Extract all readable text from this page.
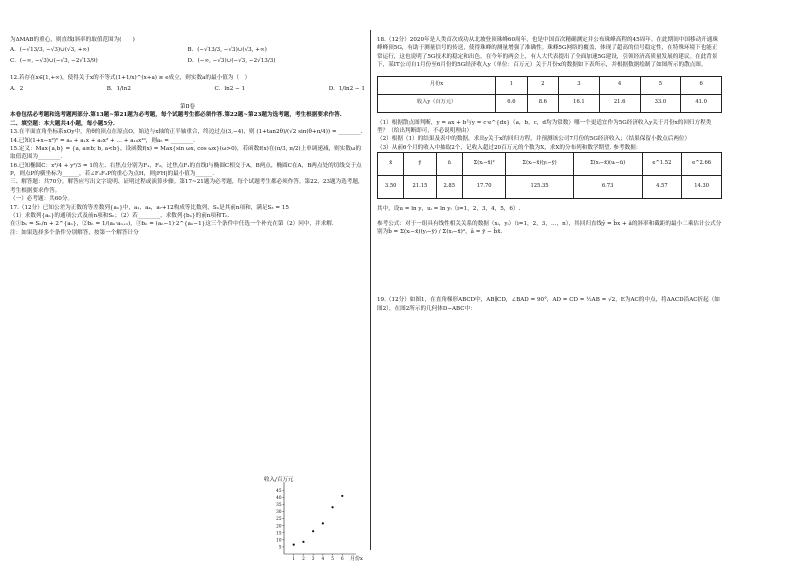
为ΔMAB的重心，则直线l斜率的取值范围为(　　)

A．(−√13/3, −√3)∪(√3, +∞)	B．(−√13/3, −√3)∪(√3, +∞)
C．(−∞, −√3)∪(−√3, −2√13/9)	D．(−∞, −√3)∪(−√3, −2√13/3)

12.若存在x∈[1,+∞)，使得关于x的不等式(1+1/x)^(x+a) ≥ e成立，则实数a的最小值为（　）

A．2	B．1/ln2	C．ln2 − 1	D．1/ln2 − 1

第Ⅱ卷

本卷包括必考题和选考题两部分.第13题~第21题为必考题，每个试题考生都必须作答.第22题~第23题为选考题，考生根据要求作答.

二、填空题：本大题共4小题，每小题5分.

13.在平面直角坐标系xOy中，角θ的顶点在原点O，始边与x轴的正半轴重合，终边过点(3,−4)，则 (1+tan2θ)/(√2 sin(θ+π/4)) = ________.

14.已知(1+x−x²)⁵ = a₀ + a₁x + a₂x² + … + a₁₀x¹⁰，则a₅ = ________.

15.定义：Max{a,b} = {a, a≥b; b, a<b}，设函数f(x) = Max{sin ωx, cos ωx}(ω>0)，若函数f(x)在(π/3, π/2)上单调递减，则实数ω的取值范围为________.

16.已知椭圆C：x²/4 + y²/3 = 1的左、右焦点分别为F₁，F₂，过焦点F₁的直线l与椭圆C相交于A，B两点，椭圆C在A，B两点处的切线交于点P，则点P的横坐标为______，若∠F₁F₂P的重心为点H，则|FH|的最小值为______.

三、解答题：共70分。解答应写出文字说明、证明过程或演算步骤。第17~21题为必考题，每个试题考生都必须作答。第22、23题为选考题，考生根据要求作答。

（一）必考题：共60分。

17.（12分）已知公差为正数的等差数列{aₙ}中，a₁，a₄，a₇+12构成等比数列，Sₙ是其前n项和，满足S₃ = 15

（1）求数列{aₙ}的通项公式及前n项和Sₙ；（2）若________，求数列{bₙ}的前n项和Tₙ.

在①bₙ = Sₙ/n + 2^{aₙ}，②bₙ = 1/(aₙ·aₙ₊₁)，③bₙ = (aₙ−1)·2^{aₙ−1}这三个条件中任选一个补充在第（2）问中，并求解.

注：如果选择多个条件分别解答，按第一个解答计分

5
10
15
20
25
30
35
40
45
1 2 3 4 5 6
收入/百万元
月份x

18.（12分）2020年是人类首次成功从北坡登顶珠峰60周年，也是中国首次精确测定并公布珠峰高程的45周年。在此期间中国移动开通珠峰峰顶5G，有助于测量信号的传送，使得珠峰的测量增强了准确性。珠峰5G网络的覆盖，体现了超高的信号稳定性，在特殊环境下也能正常运行，这也说明了5G技术的稳定和出色。在今年的两会上，有人大代表提出了全面加速5G建设，引领经济高质量发展的建议。在此背景下，某IT公司自1月份至6月份的5G经济收入y（单位：百万元）关于月份x的数据如下表所示，并根据数据绘制了如图所示的散点图。

月份x	1	2	3	4	5	6
收入y（百万元）	6.6	8.6	16.1	21.6	33.0	41.0

（1）根据散点图判断，y = ax + b与y = c·e^{dx}（a，b，c，d均为常数）哪一个更适宜作为5G经济收入y关于月份x的回归方程类型？（给出判断即可，不必说明理由）

（2）根据（1）的结果及表中的数据，求出y关于x的回归方程，并预测该公司7月份的5G经济收入；（结果保留小数点后两位）

（3）从前6个月的收入中抽取2个，记收入超过20百万元的个数为X，求X的分布列和数学期望. 参考数据：

x̄	ȳ	ū	Σ(xᵢ−x̄)²	Σ(xᵢ−x̄)(yᵢ−ȳ)	Σ(xᵢ−x̄)(uᵢ−ū)	e^1.52	e^2.66
3.50	21.15	2.85	17.70	125.35	6.73	4.57	14.30

其中，设u = ln y，uᵢ = ln yᵢ（i=1，2，3，4，5，6）.

参考公式：对于一组具有线性相关关系的数据（xᵢ，yᵢ）（i=1，2，3，…，n），其回归直线ŷ = b̂x + â的斜率和截距的最小二乘估计公式分别为b̂ = Σ(xᵢ−x̄)(yᵢ−ȳ) / Σ(xᵢ−x̄)²，â = ȳ − b̂x̄.

19.（12分）如图1，在直角梯形ABCD中，AB∥CD，∠BAD = 90°，AD = CD = ½AB = √2，E为AC的中点，将ΔACD沿AC折起（如图2），在图2所示的几何体D−ABC中：
